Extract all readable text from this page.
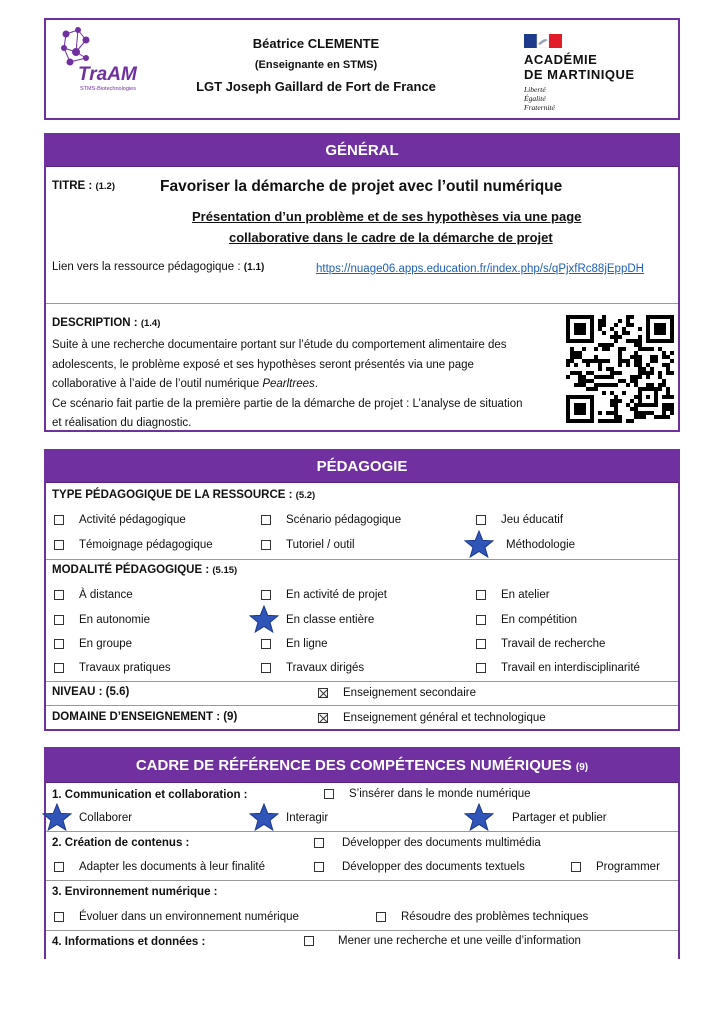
TraAM
STMS-Biotechnologies
Béatrice CLEMENTE
(Enseignante en STMS)
LGT Joseph Gaillard de Fort de France
ACADÉMIE
DE MARTINIQUE
Liberté
Égalité
Fraternité
GÉNÉRAL
TITRE : (1.2)	Favoriser la démarche de projet avec l’outil numérique
Présentation d’un problème et de ses hypothèses via une page
collaborative dans le cadre de la démarche de projet
Lien vers la ressource pédagogique : (1.1)	https://nuage06.apps.education.fr/index.php/s/qPjxfRc88jEppDH
DESCRIPTION : (1.4)
Suite à une recherche documentaire portant sur l’étude du comportement alimentaire des
adolescents, le problème exposé et ses hypothèses seront présentés via une page
collaborative à l’aide de l’outil numérique Pearltrees.
Ce scénario fait partie de la première partie de la démarche de projet : L’analyse de situation
et réalisation du diagnostic.
PÉDAGOGIE
TYPE PÉDAGOGIQUE DE LA RESSOURCE : (5.2)
Activité pédagogique	Scénario pédagogique	Jeu éducatif
Témoignage pédagogique	Tutoriel / outil	Méthodologie
MODALITÉ PÉDAGOGIQUE : (5.15)
À distance	En activité de projet	En atelier
En autonomie	En classe entière	En compétition
En groupe	En ligne	Travail de recherche
Travaux pratiques	Travaux dirigés	Travail en interdisciplinarité
NIVEAU : (5.6)	Enseignement secondaire
DOMAINE D’ENSEIGNEMENT : (9)	Enseignement général et technologique
CADRE DE RÉFÉRENCE DES COMPÉTENCES NUMÉRIQUES (9)
1. Communication et collaboration :	S’insérer dans le monde numérique
Collaborer	Interagir	Partager et publier
2. Création de contenus :	Développer des documents multimédia
Adapter les documents à leur finalité	Développer des documents textuels	Programmer
3. Environnement numérique :
Évoluer dans un environnement numérique	Résoudre des problèmes techniques
4. Informations et données :	Mener une recherche et une veille d’information
